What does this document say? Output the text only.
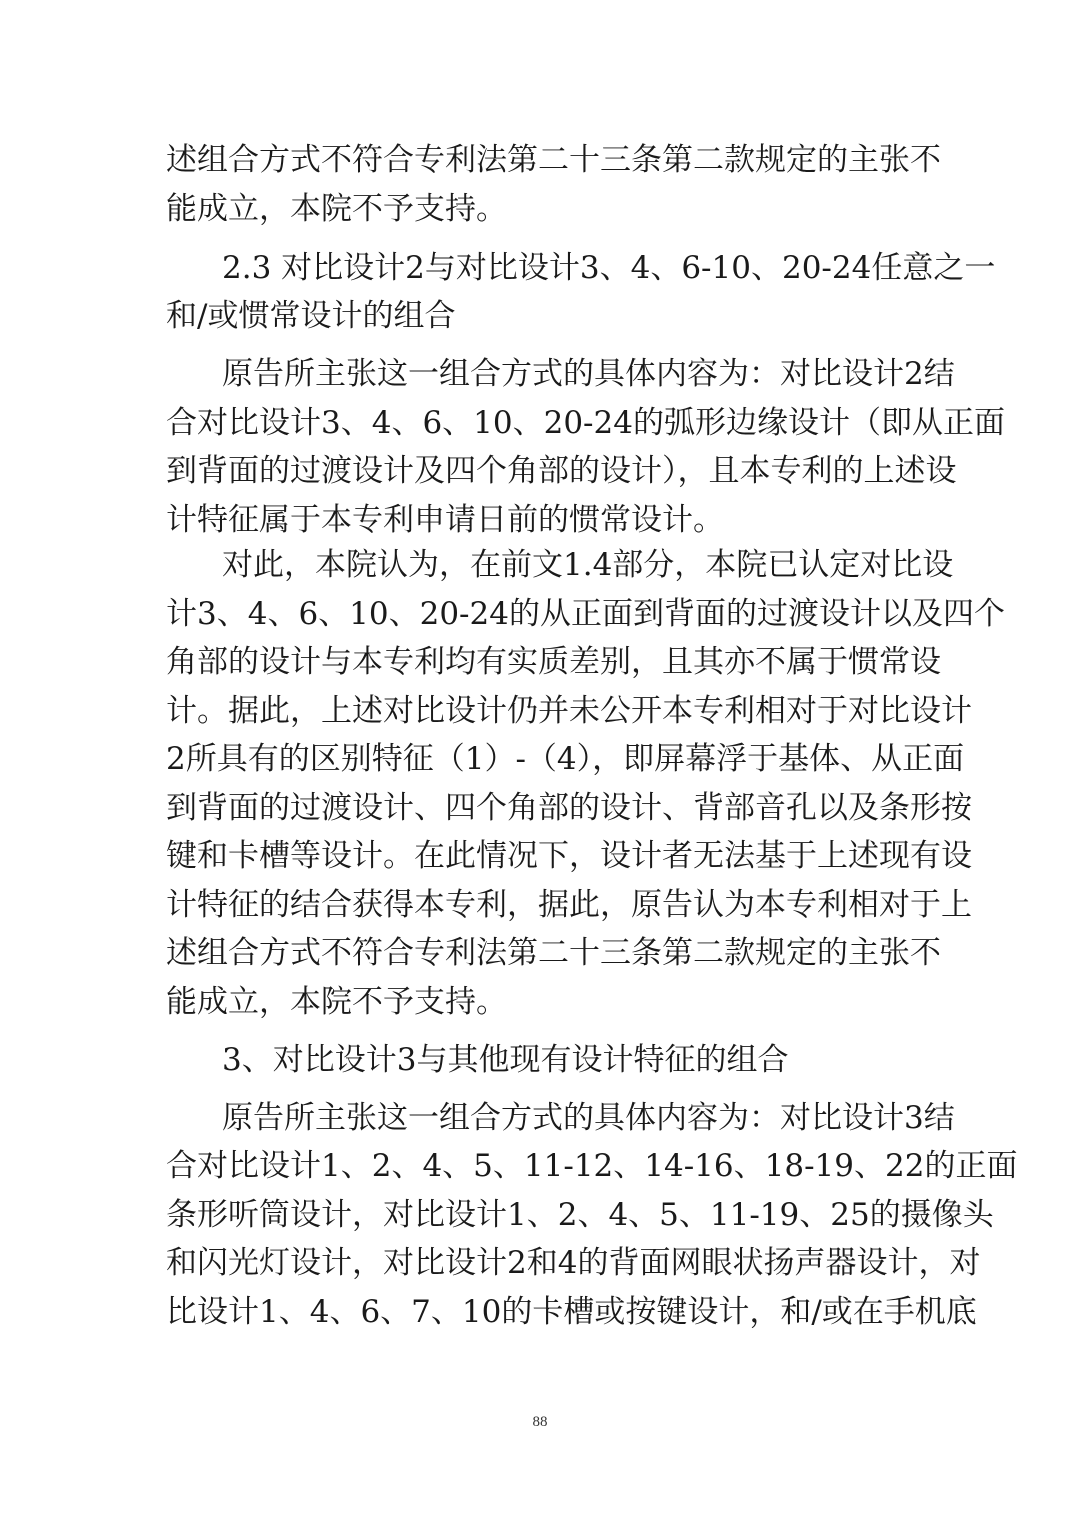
述组合方式不符合专利法第二十三条第二款规定的主张不
能成立，本院不予支持。
2.3 对比设计2与对比设计3、4、6-10、20-24任意之一
和/或惯常设计的组合
原告所主张这一组合方式的具体内容为：对比设计2结
合对比设计3、4、6、10、20-24的弧形边缘设计（即从正面
到背面的过渡设计及四个角部的设计），且本专利的上述设
计特征属于本专利申请日前的惯常设计。
对此，本院认为，在前文1.4部分，本院已认定对比设
计3、4、6、10、20-24的从正面到背面的过渡设计以及四个
角部的设计与本专利均有实质差别，且其亦不属于惯常设
计。据此，上述对比设计仍并未公开本专利相对于对比设计
2所具有的区别特征（1）-（4），即屏幕浮于基体、从正面
到背面的过渡设计、四个角部的设计、背部音孔以及条形按
键和卡槽等设计。在此情况下，设计者无法基于上述现有设
计特征的结合获得本专利，据此，原告认为本专利相对于上
述组合方式不符合专利法第二十三条第二款规定的主张不
能成立，本院不予支持。
3、对比设计3与其他现有设计特征的组合
原告所主张这一组合方式的具体内容为：对比设计3结
合对比设计1、2、4、5、11-12、14-16、18-19、22的正面
条形听筒设计，对比设计1、2、4、5、11-19、25的摄像头
和闪光灯设计，对比设计2和4的背面网眼状扬声器设计，对
比设计1、4、6、7、10的卡槽或按键设计，和/或在手机底
88
